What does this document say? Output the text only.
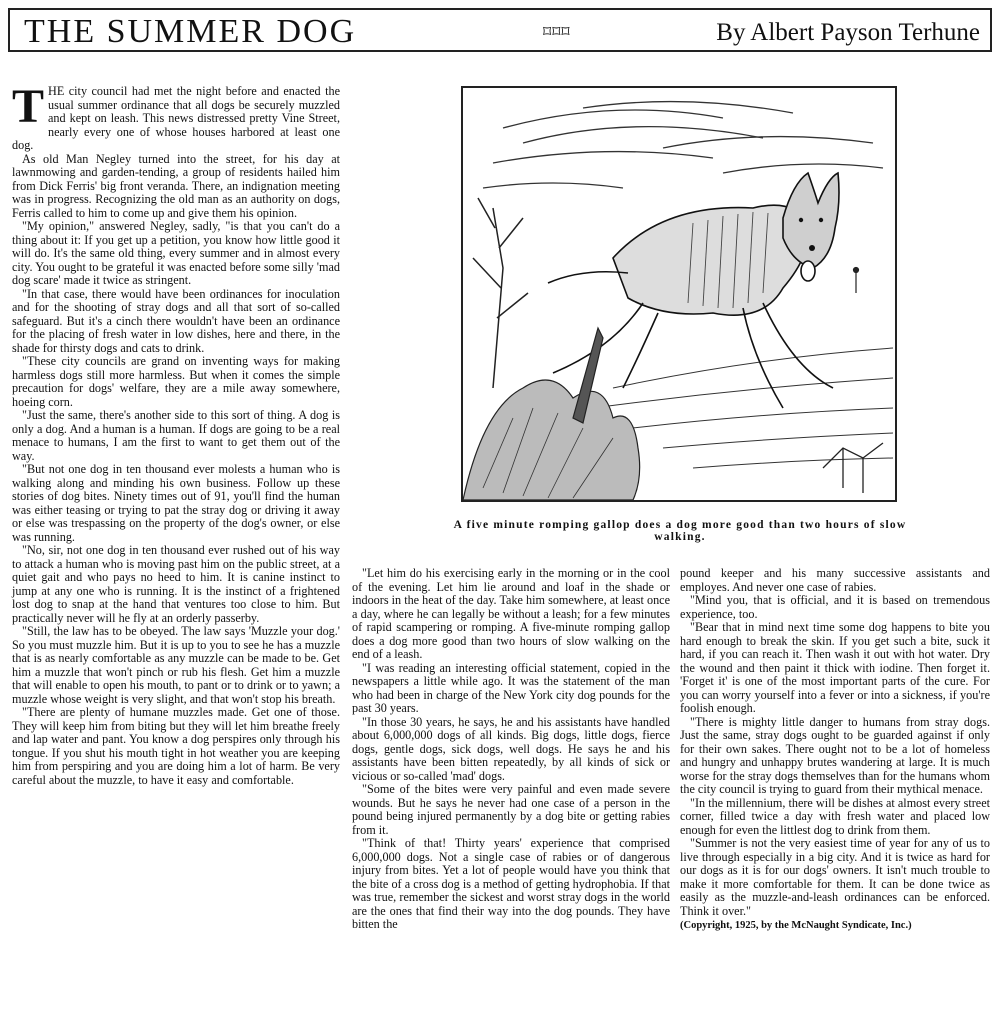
THE SUMMER DOG	⌑⌑⌑	By Albert Payson Terhune
T HE city council had met the night before and enacted the usual summer ordinance that all dogs be securely muzzled and kept on leash. This news distressed pretty Vine Street, nearly every one of whose houses harbored at least one dog.

As old Man Negley turned into the street, for his day at lawnmowing and garden-tending, a group of residents hailed him from Dick Ferris' big front veranda. There, an indignation meeting was in progress. Recognizing the old man as an authority on dogs, Ferris called to him to come up and give them his opinion.

"My opinion," answered Negley, sadly, "is that you can't do a thing about it: If you get up a petition, you know how little good it will do. It's the same old thing, every summer and in almost every city. You ought to be grateful it was enacted before some silly 'mad dog scare' made it twice as stringent.

"In that case, there would have been ordinances for inoculation and for the shooting of stray dogs and all that sort of so-called safeguard. But it's a cinch there wouldn't have been an ordinance for the placing of fresh water in low dishes, here and there, in the shade for thirsty dogs and cats to drink.

"These city councils are grand on inventing ways for making harmless dogs still more harmless. But when it comes the simple precaution for dogs' welfare, they are a mile away somewhere, hoeing corn.

"Just the same, there's another side to this sort of thing. A dog is only a dog. And a human is a human. If dogs are going to be a real menace to humans, I am the first to want to get them out of the way.

"But not one dog in ten thousand ever molests a human who is walking along and minding his own business. Follow up these stories of dog bites. Ninety times out of 91, you'll find the human was either teasing or trying to pat the stray dog or driving it away or else was trespassing on the property of the dog's owner, or else was running.

"No, sir, not one dog in ten thousand ever rushed out of his way to attack a human who is moving past him on the public street, at a quiet gait and who pays no heed to him. It is canine instinct to jump at any one who is running. It is the instinct of a frightened lost dog to snap at the hand that ventures too close to him. But practically never will he fly at an orderly passerby.

"Still, the law has to be obeyed. The law says 'Muzzle your dog.' So you must muzzle him. But it is up to you to see he has a muzzle that is as nearly comfortable as any muzzle can be made to be. Get him a muzzle that won't pinch or rub his flesh. Get him a muzzle that will enable to open his mouth, to pant or to drink or to yawn; a muzzle whose weight is very slight, and that won't stop his breath.

"There are plenty of humane muzzles made. Get one of those. They will keep him from biting but they will let him breathe freely and lap water and pant. You know a dog perspires only through his tongue. If you shut his mouth tight in hot weather you are keeping him from perspiring and you are doing him a lot of harm. Be very careful about the muzzle, to have it easy and comfortable.

A five minute romping gallop does a dog more good than two hours of slow walking.

"Let him do his exercising early in the morning or in the cool of the evening. Let him lie around and loaf in the shade or indoors in the heat of the day. Take him somewhere, at least once a day, where he can legally be without a leash; for a few minutes of rapid scampering or romping. A five-minute romping gallop does a dog more good than two hours of slow walking on the end of a leash.

"I was reading an interesting official statement, copied in the newspapers a little while ago. It was the statement of the man who had been in charge of the New York city dog pounds for the past 30 years.

"In those 30 years, he says, he and his assistants have handled about 6,000,000 dogs of all kinds. Big dogs, little dogs, fierce dogs, gentle dogs, sick dogs, well dogs. He says he and his assistants have been bitten repeatedly, by all kinds of sick or vicious or so-called 'mad' dogs.

"Some of the bites were very painful and even made severe wounds. But he says he never had one case of a person in the pound being injured permanently by a dog bite or getting rabies from it.

"Think of that! Thirty years' experience that comprised 6,000,000 dogs. Not a single case of rabies or of dangerous injury from bites. Yet a lot of people would have you think that the bite of a cross dog is a method of getting hydrophobia. If that was true, remember the sickest and worst stray dogs in the world are the ones that find their way into the dog pounds. They have bitten the

pound keeper and his many successive assistants and employes. And never one case of rabies.

"Mind you, that is official, and it is based on tremendous experience, too.

"Bear that in mind next time some dog happens to bite you hard enough to break the skin. If you get such a bite, suck it hard, if you can reach it. Then wash it out with hot water. Dry the wound and then paint it thick with iodine. Then forget it. 'Forget it' is one of the most important parts of the cure. For you can worry yourself into a fever or into a sickness, if you're foolish enough.

"There is mighty little danger to humans from stray dogs. Just the same, stray dogs ought to be guarded against if only for their own sakes. There ought not to be a lot of homeless and hungry and unhappy brutes wandering at large. It is much worse for the stray dogs themselves than for the humans whom the city council is trying to guard from their mythical menace.

"In the millennium, there will be dishes at almost every street corner, filled twice a day with fresh water and placed low enough for even the littlest dog to drink from them.

"Summer is not the very easiest time of year for any of us to live through especially in a big city. And it is twice as hard for our dogs as it is for our dogs' owners. It isn't much trouble to make it more comfortable for them. It can be done twice as easily as the muzzle-and-leash ordinances can be enforced. Think it over."

(Copyright, 1925, by the McNaught Syndicate, Inc.)
